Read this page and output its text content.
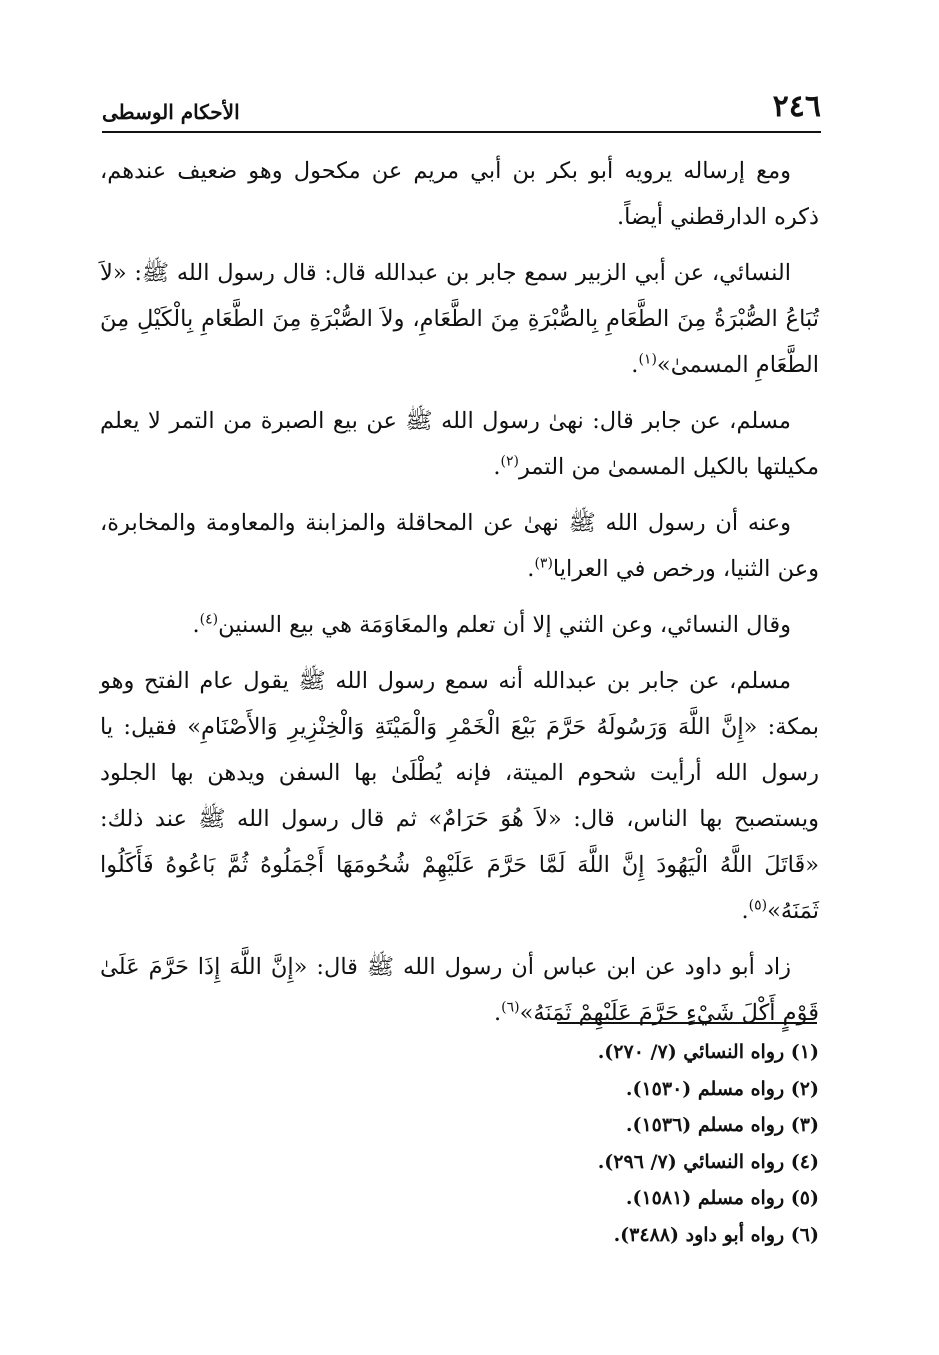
٢٤٦
الأحكام الوسطى

ومع إرساله يرويه أبو بكر بن أبي مريم عن مكحول وهو ضعيف عندهم، ذكره الدارقطني أيضاً.

النسائي، عن أبي الزبير سمع جابر بن عبدالله قال: قال رسول الله ﷺ: «لاَ تُبَاعُ الصُّبْرَةُ مِنَ الطَّعَامِ بِالصُّبْرَةِ مِنَ الطَّعَامِ، ولاَ الصُّبْرَةِ مِنَ الطَّعَامِ بِالْكَيْلِ مِنَ الطَّعَامِ المسمىٰ»$^{(١)}$.

مسلم، عن جابر قال: نهىٰ رسول الله ﷺ عن بيع الصبرة من التمر لا يعلم مكيلتها بالكيل المسمىٰ من التمر$^{(٢)}$.

وعنه أن رسول الله ﷺ نهىٰ عن المحاقلة والمزابنة والمعاومة والمخابرة، وعن الثنيا، ورخص في العرايا$^{(٣)}$.

وقال النسائي، وعن الثني إلا أن تعلم والمعَاوَمَة هي بيع السنين$^{(٤)}$.

مسلم، عن جابر بن عبدالله أنه سمع رسول الله ﷺ يقول عام الفتح وهو بمكة: «إِنَّ اللَّهَ وَرَسُولَهُ حَرَّمَ بَيْعَ الْخَمْرِ وَالْمَيْتَةِ وَالْخِنْزِيرِ وَالأَصْنَامِ» فقيل: يا رسول الله أرأيت شحوم الميتة، فإنه يُطْلَىٰ بها السفن ويدهن بها الجلود ويستصبح بها الناس، قال: «لاَ هُوَ حَرَامٌ» ثم قال رسول الله ﷺ عند ذلك: «قَاتَلَ اللَّهُ الْيَهُودَ إِنَّ اللَّهَ لَمَّا حَرَّمَ عَلَيْهِمْ شُحُومَهَا أَجْمَلُوهُ ثُمَّ بَاعُوهُ فَأَكَلُوا ثَمَنَهُ»$^{(٥)}$.

زاد أبو داود عن ابن عباس أن رسول الله ﷺ قال: «إِنَّ اللَّهَ إِذَا حَرَّمَ عَلَىٰ قَوْمٍ أَكْلَ شَيْءٍ حَرَّمَ عَلَيْهِمْ ثَمَنَهُ»$^{(٦)}$.

(١) رواه النسائي (٧/ ٢٧٠).
(٢) رواه مسلم (١٥٣٠).
(٣) رواه مسلم (١٥٣٦).
(٤) رواه النسائي (٧/ ٢٩٦).
(٥) رواه مسلم (١٥٨١).
(٦) رواه أبو داود (٣٤٨٨).
